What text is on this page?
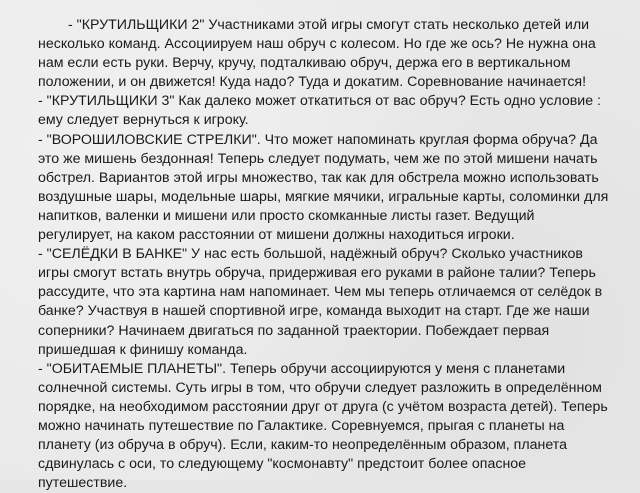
- "КРУТИЛЬЩИКИ 2" Участниками этой игры смогут стать несколько детей или несколько команд. Ассоциируем наш обруч с колесом. Но где же ось? Не нужна она нам если есть руки. Верчу, кручу, подталкиваю обруч, держа его в вертикальном положении, и он движется! Куда надо? Туда и докатим. Соревнование начинается!

- "КРУТИЛЬЩИКИ 3" Как далеко может откатиться от вас обруч? Есть одно условие : ему следует вернуться к игроку.

- "ВОРОШИЛОВСКИЕ СТРЕЛКИ". Что может напоминать круглая форма обруча? Да это же мишень бездонная! Теперь следует подумать, чем же по этой мишени начать обстрел. Вариантов этой игры множество, так как для обстрела можно использовать воздушные шары, модельные шары, мягкие мячики, игральные карты, соломинки для напитков, валенки и мишени или просто скомканные листы газет. Ведущий регулирует, на каком расстоянии от мишени должны находиться игроки.

- "СЕЛЁДКИ В БАНКЕ" У нас есть большой, надёжный обруч? Сколько участников игры смогут встать внутрь обруча, придерживая его руками в районе талии? Теперь рассудите, что эта картина нам напоминает. Чем мы теперь отличаемся от селёдок в банке? Участвуя в нашей спортивной игре, команда выходит на старт. Где же наши соперники? Начинаем двигаться по заданной траектории. Побеждает первая пришедшая к финишу команда.

- "ОБИТАЕМЫЕ ПЛАНЕТЫ". Теперь обручи ассоциируются у меня с планетами солнечной системы. Суть игры в том, что обручи следует разложить в определённом порядке, на необходимом расстоянии друг от друга (с учётом возраста детей). Теперь можно начинать путешествие по Галактике. Соревнуемся, прыгая с планеты на планету (из обруча в обруч). Если, каким-то неопределённым образом, планета сдвинулась с оси, то следующему "космонавту" предстоит более опасное путешествие.
